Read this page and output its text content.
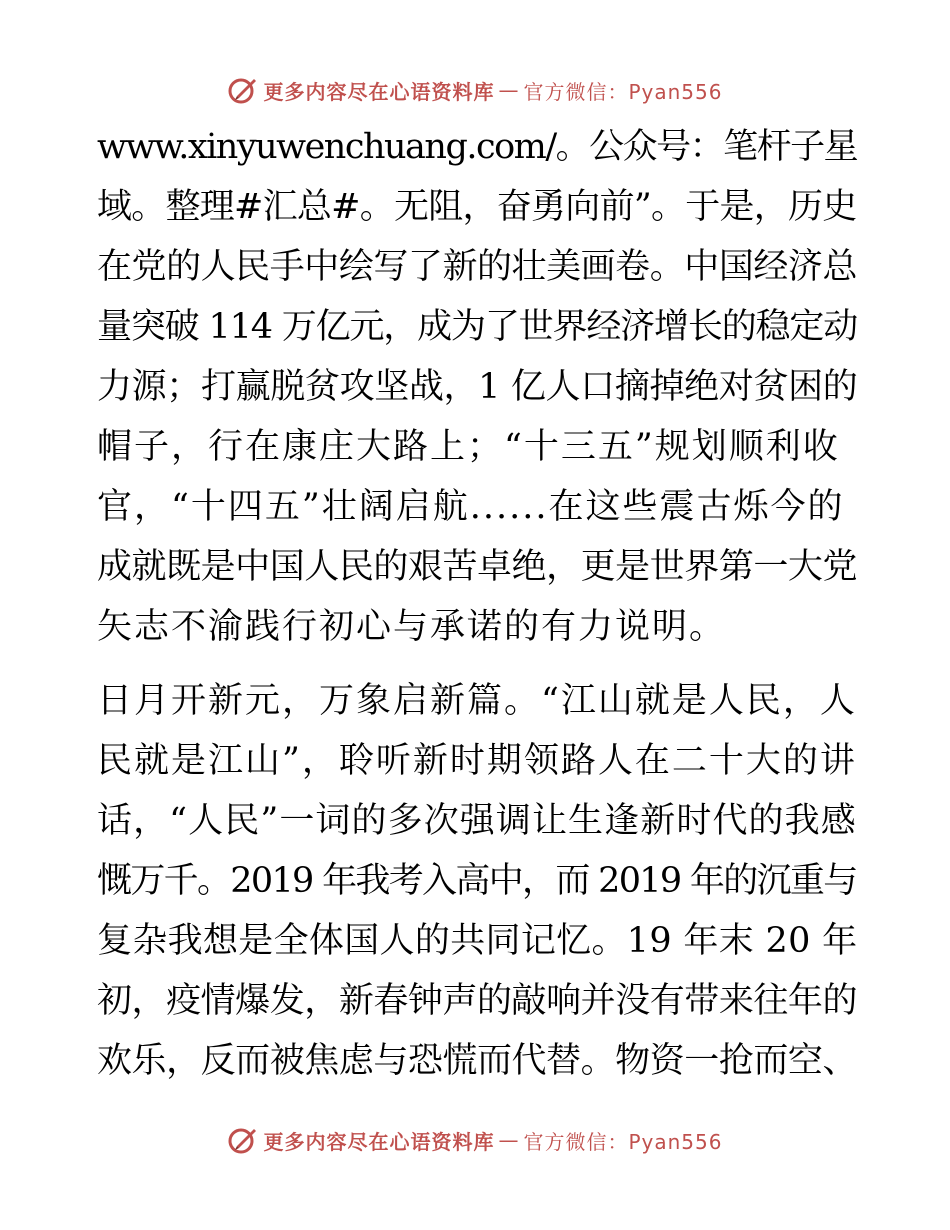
更多内容尽在心语资料库 — 官方微信：Pyan556
www.xinyuwenchuang.com/。公众号：笔杆子星
域。整理#汇总#。无阻，奋勇向前”。于是，历史
在党的人民手中绘写了新的壮美画卷。中国经济总
量突破 114 万亿元，成为了世界经济增长的稳定动
力源；打赢脱贫攻坚战，1 亿人口摘掉绝对贫困的
帽子，行在康庄大路上；“十三五”规划顺利收
官，“十四五”壮阔启航......在这些震古烁今的
成就既是中国人民的艰苦卓绝，更是世界第一大党
矢志不渝践行初心与承诺的有力说明。
日月开新元，万象启新篇。“江山就是人民，人
民就是江山”，聆听新时期领路人在二十大的讲
话，“人民”一词的多次强调让生逢新时代的我感
慨万千。2019 年我考入高中，而 2019 年的沉重与
复杂我想是全体国人的共同记忆。19 年末 20 年
初，疫情爆发，新春钟声的敲响并没有带来往年的
欢乐，反而被焦虑与恐慌而代替。物资一抢而空、
更多内容尽在心语资料库 — 官方微信：Pyan556
